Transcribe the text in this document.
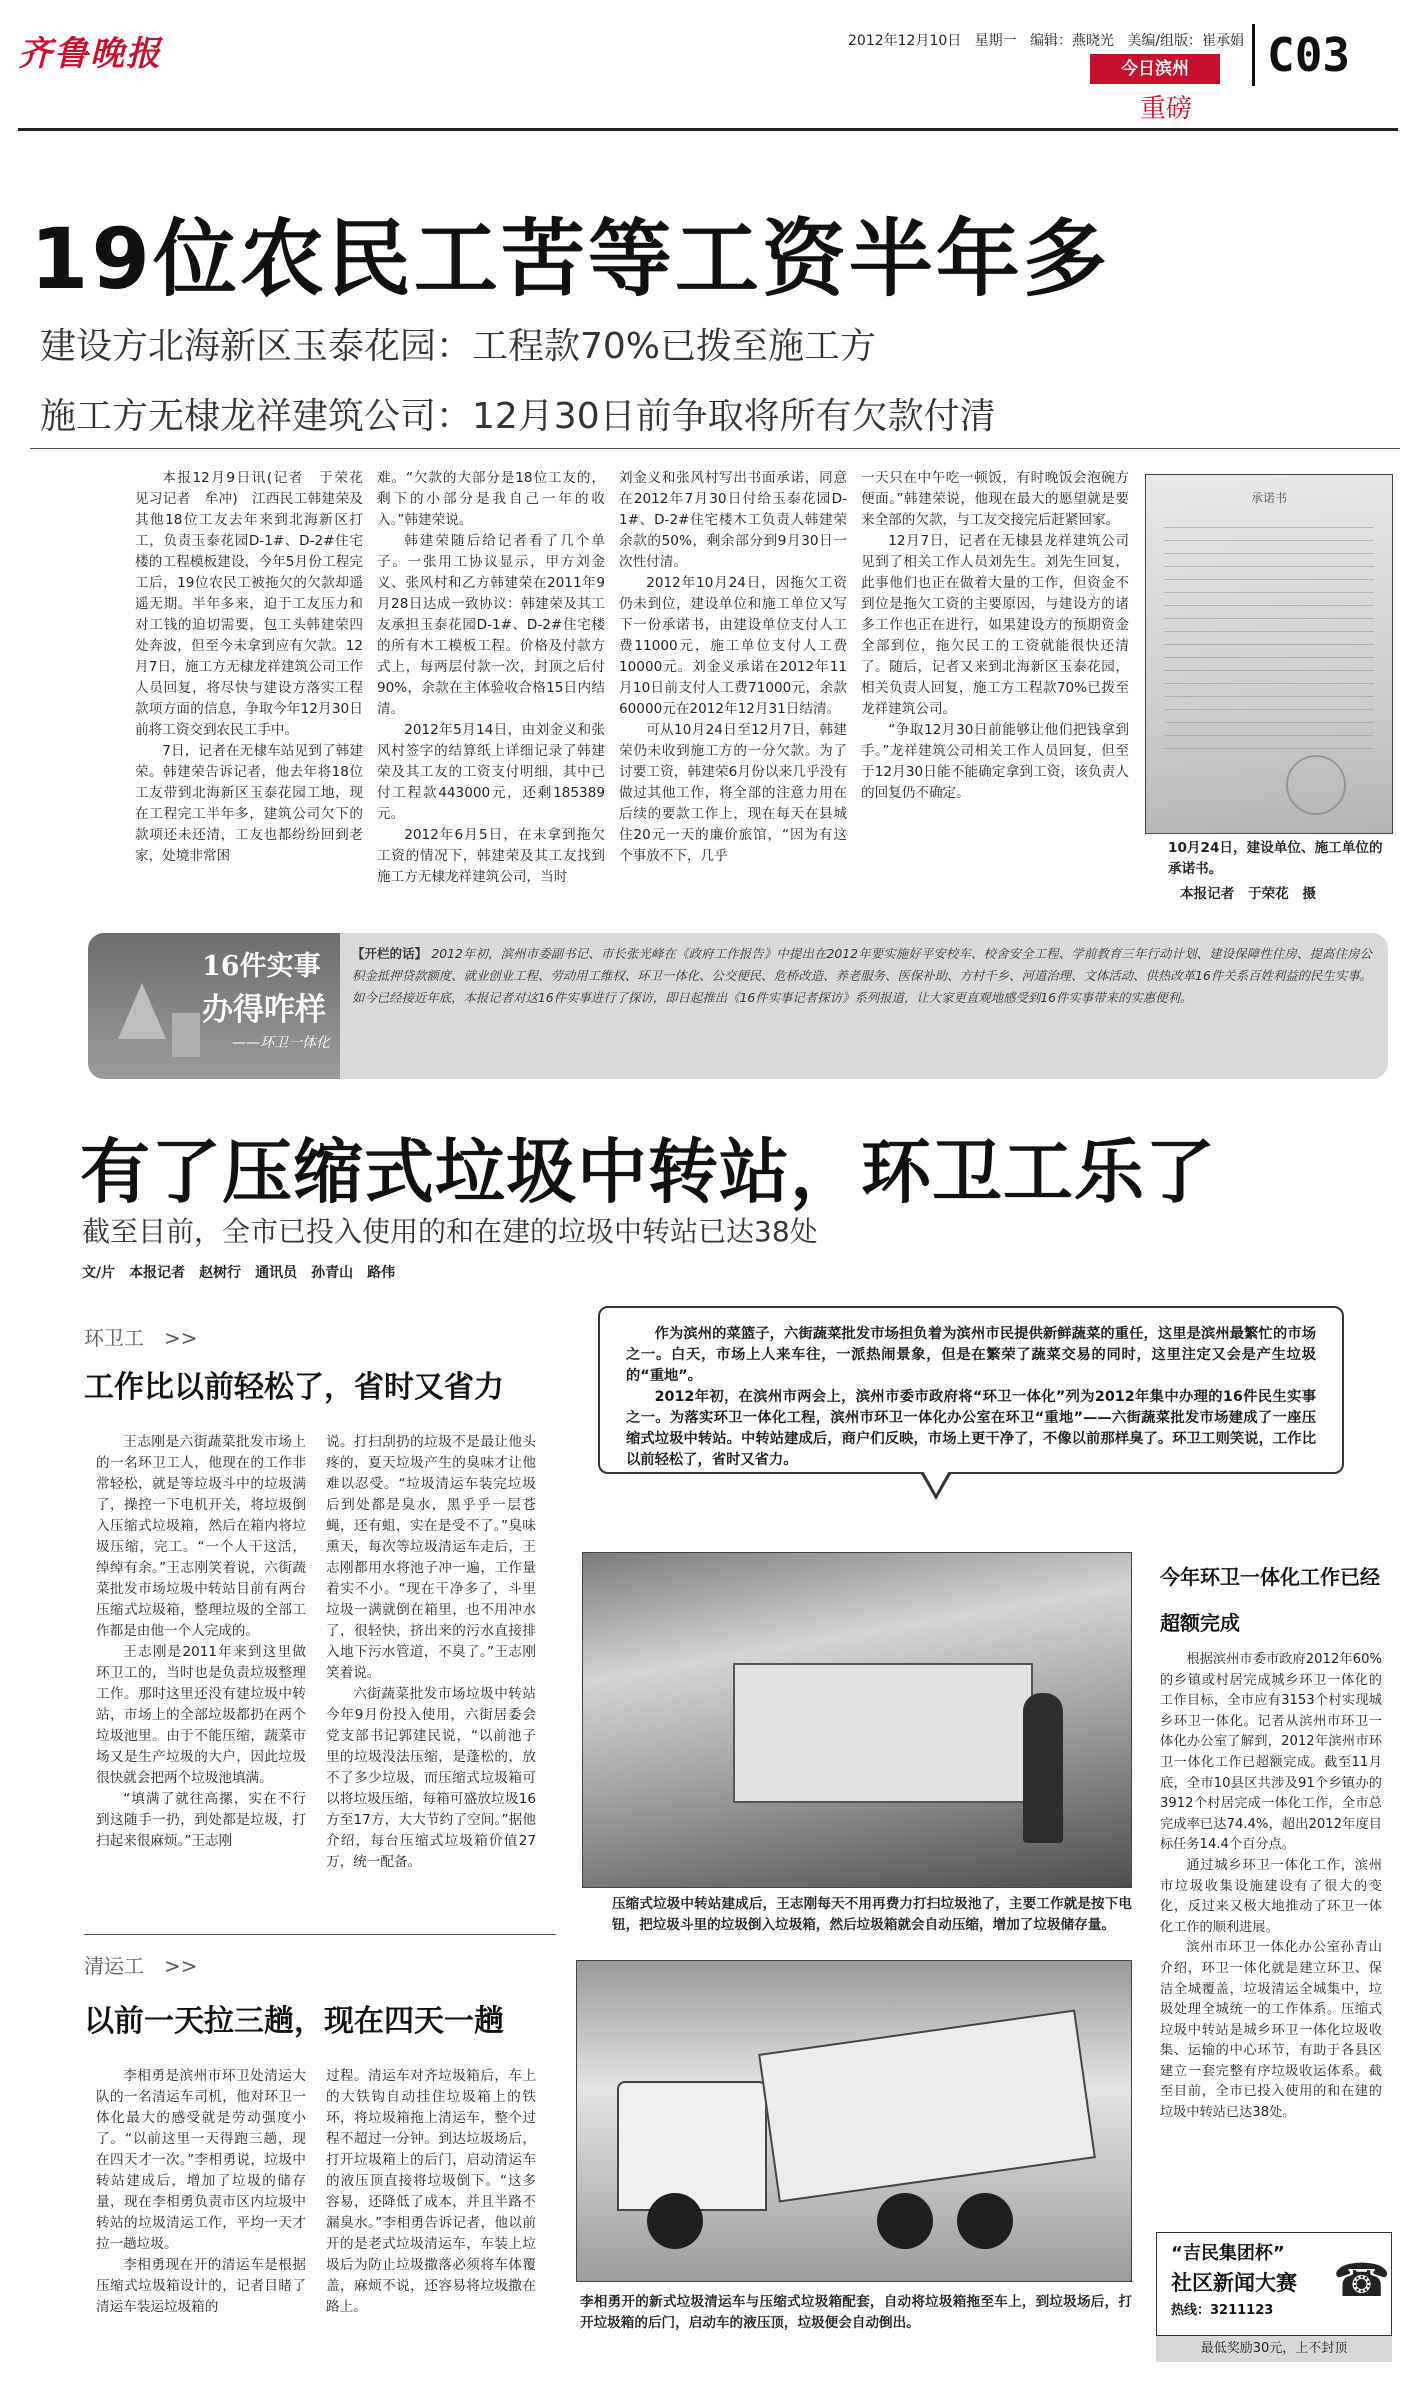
齐鲁晚报	2012年12月10日 星期一 编辑：燕晓光 美编/组版：崔承娟
今日滨州
重磅
C03
19位农民工苦等工资半年多
建设方北海新区玉泰花园：工程款70%已拨至施工方
施工方无棣龙祥建筑公司：12月30日前争取将所有欠款付清

本报12月9日讯(记者　于荣花　见习记者　牟冲)　江西民工韩建荣及其他18位工友去年来到北海新区打工，负责玉泰花园D-1#、D-2#住宅楼的工程模板建设，今年5月份工程完工后，19位农民工被拖欠的欠款却遥遥无期。半年多来，迫于工友压力和对工钱的迫切需要，包工头韩建荣四处奔波，但至今未拿到应有欠款。12月7日，施工方无棣龙祥建筑公司工作人员回复，将尽快与建设方落实工程款项方面的信息，争取今年12月30日前将工资交到农民工手中。

7日，记者在无棣车站见到了韩建荣。韩建荣告诉记者，他去年将18位工友带到北海新区玉泰花园工地，现在工程完工半年多，建筑公司欠下的款项还未还清，工友也都纷纷回到老家，处境非常困

难。“欠款的大部分是18位工友的，剩下的小部分是我自己一年的收入。”韩建荣说。

韩建荣随后给记者看了几个单子。一张用工协议显示，甲方刘金义、张风村和乙方韩建荣在2011年9月28日达成一致协议：韩建荣及其工友承担玉泰花园D-1#、D-2#住宅楼的所有木工模板工程。价格及付款方式上，每两层付款一次，封顶之后付90%，余款在主体验收合格15日内结清。

2012年5月14日，由刘金义和张风村签字的结算纸上详细记录了韩建荣及其工友的工资支付明细，其中已付工程款443000元，还剩185389元。

2012年6月5日，在未拿到拖欠工资的情况下，韩建荣及其工友找到施工方无棣龙祥建筑公司，当时

刘金义和张风村写出书面承诺，同意在2012年7月30日付给玉泰花园D-1#、D-2#住宅楼木工负责人韩建荣余款的50%，剩余部分到9月30日一次性付清。

2012年10月24日，因拖欠工资仍未到位，建设单位和施工单位又写下一份承诺书，由建设单位支付人工费11000元，施工单位支付人工费10000元。刘金义承诺在2012年11月10日前支付人工费71000元，余款60000元在2012年12月31日结清。

可从10月24日至12月7日，韩建荣仍未收到施工方的一分欠款。为了讨要工资，韩建荣6月份以来几乎没有做过其他工作，将全部的注意力用在后续的要款工作上，现在每天在县城住20元一天的廉价旅馆，“因为有这个事放不下，几乎

一天只在中午吃一顿饭，有时晚饭会泡碗方便面。”韩建荣说，他现在最大的愿望就是要来全部的欠款，与工友交接完后赶紧回家。

12月7日，记者在无棣县龙祥建筑公司见到了相关工作人员刘先生。刘先生回复，此事他们也正在做着大量的工作，但资金不到位是拖欠工资的主要原因，与建设方的诸多工作也正在进行，如果建设方的预期资金全部到位，拖欠民工的工资就能很快还清了。随后，记者又来到北海新区玉泰花园，相关负责人回复，施工方工程款70%已拨至龙祥建筑公司。

“争取12月30日前能够让他们把钱拿到手。”龙祥建筑公司相关工作人员回复，但至于12月30日能不能确定拿到工资，该负责人的回复仍不确定。

承诺书
10月24日，建设单位、施工单位的承诺书。
本报记者　于荣花　摄
16件实事
办得咋样
——环卫一体化
【开栏的话】 2012年初，滨州市委副书记、市长张光峰在《政府工作报告》中提出在2012年要实施好平安校车、校舍安全工程、学前教育三年行动计划、建设保障性住房、提高住房公积金抵押贷款额度、就业创业工程、劳动用工维权、环卫一体化、公交便民、危桥改造、养老服务、医保补助、方村千乡、河道治理、文体活动、供热改革16件关系百姓利益的民生实事。如今已经接近年底，本报记者对这16件实事进行了探访，即日起推出《16件实事记者探访》系列报道，让大家更直观地感受到16件实事带来的实惠便利。
有了压缩式垃圾中转站，环卫工乐了
截至目前，全市已投入使用的和在建的垃圾中转站已达38处
文/片　本报记者　赵树行　通讯员　孙青山　路伟
环卫工　>>
工作比以前轻松了，省时又省力

王志刚是六街蔬菜批发市场上的一名环卫工人，他现在的工作非常轻松，就是等垃圾斗中的垃圾满了，操控一下电机开关，将垃圾倒入压缩式垃圾箱，然后在箱内将垃圾压缩，完工。“一个人干这活，绰绰有余。”王志刚笑着说，六街蔬菜批发市场垃圾中转站目前有两台压缩式垃圾箱，整理垃圾的全部工作都是由他一个人完成的。

王志刚是2011年来到这里做环卫工的，当时也是负责垃圾整理工作。那时这里还没有建垃圾中转站，市场上的全部垃圾都扔在两个垃圾池里。由于不能压缩，蔬菜市场又是生产垃圾的大户，因此垃圾很快就会把两个垃圾池填满。

“填满了就往高摞，实在不行到这随手一扔，到处都是垃圾，打扫起来很麻烦。”王志刚

说。打扫刮扔的垃圾不是最让他头疼的，夏天垃圾产生的臭味才让他难以忍受。“垃圾清运车装完垃圾后到处都是臭水，黑乎乎一层苍蝇，还有蛆，实在是受不了。”臭味熏天，每次等垃圾清运车走后，王志刚都用水将池子冲一遍，工作量着实不小。“现在干净多了，斗里垃圾一满就倒在箱里，也不用冲水了，很轻快，挤出来的污水直接排入地下污水管道，不臭了。”王志刚笑着说。

六街蔬菜批发市场垃圾中转站今年9月份投入使用，六街居委会党支部书记郭建民说，“以前池子里的垃圾没法压缩，是蓬松的，放不了多少垃圾，而压缩式垃圾箱可以将垃圾压缩，每箱可盛放垃圾16方至17方，大大节约了空间。”据他介绍，每台压缩式垃圾箱价值27万，统一配备。

作为滨州的菜篮子，六街蔬菜批发市场担负着为滨州市民提供新鲜蔬菜的重任，这里是滨州最繁忙的市场之一。白天，市场上人来车往，一派热闹景象，但是在繁荣了蔬菜交易的同时，这里注定又会是产生垃圾的“重地”。

2012年初，在滨州市两会上，滨州市委市政府将“环卫一体化”列为2012年集中办理的16件民生实事之一。为落实环卫一体化工程，滨州市环卫一体化办公室在环卫“重地”——六街蔬菜批发市场建成了一座压缩式垃圾中转站。中转站建成后，商户们反映，市场上更干净了，不像以前那样臭了。环卫工则笑说，工作比以前轻松了，省时又省力。

压缩式垃圾中转站建成后，王志刚每天不用再费力打扫垃圾池了，主要工作就是按下电钮，把垃圾斗里的垃圾倒入垃圾箱，然后垃圾箱就会自动压缩，增加了垃圾储存量。
清运工　>>
以前一天拉三趟，现在四天一趟

李相勇是滨州市环卫处清运大队的一名清运车司机，他对环卫一体化最大的感受就是劳动强度小了。“以前这里一天得跑三趟，现在四天才一次。”李相勇说，垃圾中转站建成后，增加了垃圾的储存量，现在李相勇负责市区内垃圾中转站的垃圾清运工作，平均一天才拉一趟垃圾。

李相勇现在开的清运车是根据压缩式垃圾箱设计的，记者目睹了清运车装运垃圾箱的

过程。清运车对齐垃圾箱后，车上的大铁钩自动挂住垃圾箱上的铁环，将垃圾箱拖上清运车，整个过程不超过一分钟。到达垃圾场后，打开垃圾箱上的后门，启动清运车的液压顶直接将垃圾倒下。“这多容易，还降低了成本，并且半路不漏臭水。”李相勇告诉记者，他以前开的是老式垃圾清运车，车装上垃圾后为防止垃圾撒落必须将车体覆盖，麻烦不说，还容易将垃圾撒在路上。	李相勇开的新式垃圾清运车与压缩式垃圾箱配套，自动将垃圾箱拖至车上，到垃圾场后，打开垃圾箱的后门，启动车的液压顶，垃圾便会自动倒出。
今年环卫一体化工作已经超额完成

根据滨州市委市政府2012年60%的乡镇或村居完成城乡环卫一体化的工作目标，全市应有3153个村实现城乡环卫一体化。记者从滨州市环卫一体化办公室了解到，2012年滨州市环卫一体化工作已超额完成。截至11月底，全市10县区共涉及91个乡镇办的3912个村居完成一体化工作，全市总完成率已达74.4%，超出2012年度目标任务14.4个百分点。

通过城乡环卫一体化工作，滨州市垃圾收集设施建设有了很大的变化，反过来又极大地推动了环卫一体化工作的顺利进展。

滨州市环卫一体化办公室孙青山介绍，环卫一体化就是建立环卫、保洁全城覆盖，垃圾清运全城集中，垃圾处理全城统一的工作体系。压缩式垃圾中转站是城乡环卫一体化垃圾收集、运输的中心环节，有助于各县区建立一套完整有序垃圾收运体系。截至目前，全市已投入使用的和在建的垃圾中转站已达38处。

“吉民集团杯”
社区新闻大赛
热线：3211123
☎
最低奖励30元，上不封顶
